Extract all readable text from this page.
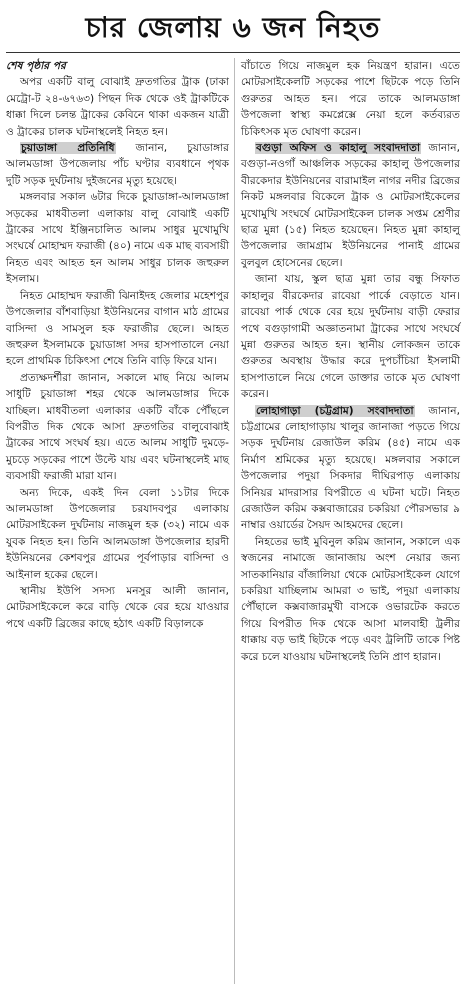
চার জেলায় ৬ জন নিহত

শেষ পৃষ্ঠার পর

অপর একটি বালু বোঝাই দ্রুতগতির ট্রাক (ঢাকা মেট্রো-ট ২৪-৬৭৬৩) পিছন দিক থেকে ওই ট্রাকটিকে ধাক্কা দিলে চলন্ত ট্রাকের কেবিনে থাকা একজন যাত্রী ও ট্রাকের চালক ঘটনাস্থলেই নিহত হন।

চুয়াডাঙ্গা প্রতিনিধি জানান, চুয়াডাঙ্গার আলমডাঙ্গা উপজেলায় পাঁচ ঘণ্টার ব্যবধানে পৃথক দুটি সড়ক দুর্ঘটনায় দুইজনের মৃত্যু হয়েছে।

মঙ্গলবার সকাল ৬টার দিকে চুয়াডাঙ্গা-আলমডাঙ্গা সড়কের মাধবীতলা এলাকায় বালু বোঝাই একটি ট্রাকের সাথে ইঞ্জিনচালিত আলম সাধুর মুখোমুখি সংঘর্ষে মোহাম্মদ ফরাজী (৪০) নামে এক মাছ ব্যবসায়ী নিহত এবং আহত হন আলম সাধুর চালক জহুরুল ইসলাম।

নিহত মোহাম্মদ ফরাজী ঝিনাইদহ জেলার মহেশপুর উপজেলার বাঁশবাড়িয়া ইউনিয়নের বাগান মাঠ গ্রামের বাসিন্দা ও সামসুল হক ফরাজীর ছেলে। আহত জহুরুল ইসলামকে চুয়াডাঙ্গা সদর হাসপাতালে নেয়া হলে প্রাথমিক চিকিৎসা শেষে তিনি বাড়ি ফিরে যান।

প্রত্যক্ষদর্শীরা জানান, সকালে মাছ নিয়ে আলম সাধুটি চুয়াডাঙ্গা শহর থেকে আলমডাঙ্গার দিকে যাচ্ছিল। মাধবীতলা এলাকার একটি বাঁকে পৌঁছলে বিপরীত দিক থেকে আসা দ্রুতগতির বালুবোঝাই ট্রাকের সাথে সংঘর্ষ হয়। এতে আলম সাধুটি দুমড়ে-মুচড়ে সড়কের পাশে উল্টে যায় এবং ঘটনাস্থলেই মাছ ব্যবসায়ী ফরাজী মারা যান।

অন্য দিকে, একই দিন বেলা ১১টার দিকে আলমডাঙ্গা উপজেলার চরযাদবপুর এলাকায় মোটরসাইকেল দুর্ঘটনায় নাজমুল হক (৩২) নামে এক যুবক নিহত হন। তিনি আলমডাঙ্গা উপজেলার হারদী ইউনিয়নের কেশবপুর গ্রামের পূর্বপাড়ার বাসিন্দা ও আইনাল হকের ছেলে।

স্থানীয় ইউপি সদস্য মনসুর আলী জানান, মোটরসাইকেলে করে বাড়ি থেকে বের হয়ে যাওয়ার পথে একটি ব্রিজের কাছে হঠাৎ একটি বিড়ালকে

বাঁচাতে গিয়ে নাজমুল হক নিয়ন্ত্রণ হারান। এতে মোটরসাইকেলটি সড়কের পাশে ছিটকে পড়ে তিনি গুরুতর আহত হন। পরে তাকে আলমডাঙ্গা উপজেলা স্বাস্থ্য কমপ্লেক্সে নেয়া হলে কর্তব্যরত চিকিৎসক মৃত ঘোষণা করেন।

বগুড়া অফিস ও কাহালু সংবাদদাতা জানান, বগুড়া-নওগাঁ আঞ্চলিক সড়কের কাহালু উপজেলার বীরকেদার ইউনিয়নের বারামাইল নাগর নদীর ব্রিজের নিকট মঙ্গলবার বিকেলে ট্রাক ও মোটরসাইকেলের মুখোমুখি সংঘর্ষে মোটরসাইকেল চালক সপ্তম শ্রেণীর ছাত্র মুন্না (১৫) নিহত হয়েছেন। নিহত মুন্না কাহালু উপজেলার জামগ্রাম ইউনিয়নের পানাই গ্রামের বুলবুল হোসেনের ছেলে।

জানা যায়, স্কুল ছাত্র মুন্না তার বন্ধু সিফাত কাহালুর বীরকেদার রাবেয়া পার্কে বেড়াতে যান। রাবেয়া পার্ক থেকে বের হয়ে দুর্ঘটনায় বাড়ী ফেরার পথে বগুড়াগামী অজ্ঞাতনামা ট্রাকের সাথে সংঘর্ষে মুন্না গুরুতর আহত হন। স্থানীয় লোকজন তাকে গুরুতর অবস্থায় উদ্ধার করে দুপচাঁচিয়া ইসলামী হাসপাতালে নিয়ে গেলে ডাক্তার তাকে মৃত ঘোষণা করেন।

লোহাগাড়া (চট্টগ্রাম) সংবাদদাতা জানান, চট্টগ্রামের লোহাগাড়ায় খালুর জানাজা পড়তে গিয়ে সড়ক দুর্ঘটনায় রেজাউল করিম (৪৫) নামে এক নির্মাণ শ্রমিকের মৃত্যু হয়েছে। মঙ্গলবার সকালে উপজেলার পদুয়া সিকদার দীঘিরপাড় এলাকায় সিনিয়র মাদরাসার বিপরীতে এ ঘটনা ঘটে। নিহত রেজাউল করিম কক্সবাজারের চকরিয়া পৌরসভার ৯ নাম্বার ওয়ার্ডের সৈয়দ আহমদের ছেলে।

নিহতের ভাই মুবিনুল করিম জানান, সকালে এক স্বজনের নামাজে জানাজায় অংশ নেয়ার জন্য সাতকানিয়ার বাঁজালিয়া থেকে মোটরসাইকেল যোগে চকরিয়া যাচ্ছিলাম আমরা ৩ ভাই, পদুয়া এলাকায় পৌঁছালে কক্সবাজারমুখী বাসকে ওভারটেক করতে গিয়ে বিপরীত দিক থেকে আসা মালবাহী ট্রলীর ধাক্কায় বড় ভাই ছিটকে পড়ে এবং ট্রলিটি তাকে পিষ্ট করে চলে যাওয়ায় ঘটনাস্থলেই তিনি প্রাণ হারান।
